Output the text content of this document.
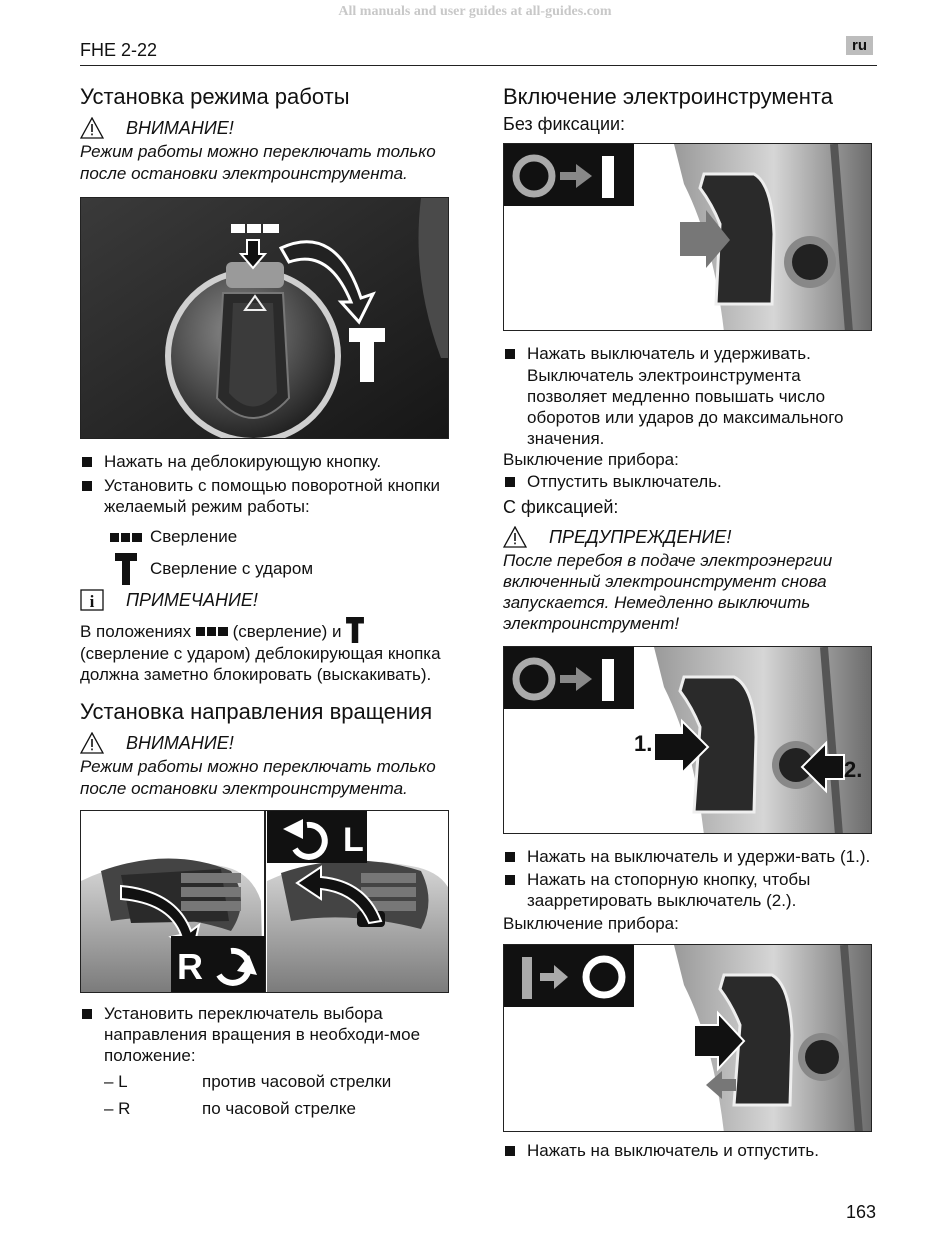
All manuals and user guides at all-guides.com
FHE 2-22	ru
Установка режима работы
ВНИМАНИЕ!
Режим работы можно переключать только после остановки электроинструмента.
Нажать на деблокирующую кнопку.
Установить с помощью поворотной кнопки желаемый режим работы:
Сверление
Сверление с ударом
i ПРИМЕЧАНИЕ!
В положениях (сверление) и  (сверление с ударом) деблокирующая кнопка должна заметно блокировать (выскакивать).
Установка направления вращения
ВНИМАНИЕ!
Режим работы можно переключать только после остановки электроинструмента.
L
R
Установить переключатель выбора направления вращения в необходи-мое положение:
– L	против часовой стрелки
– R	по часовой стрелке
Включение электроинструмента
Без фиксации:
Нажать выключатель и удерживать.
Выключатель электроинструмента позволяет медленно повышать число оборотов или ударов до максимального значения.
Выключение прибора:
Отпустить выключатель.
С фиксацией:
ПРЕДУПРЕЖДЕНИЕ!
После перебоя в подаче электроэнергии включенный электроинструмент снова запускается. Немедленно выключить электроинструмент!
1.
2.
Нажать на выключатель и удержи-вать (1.).
Нажать на стопорную кнопку, чтобы заарретировать выключатель (2.).
Выключение прибора:
Нажать на выключатель и отпустить.
163
